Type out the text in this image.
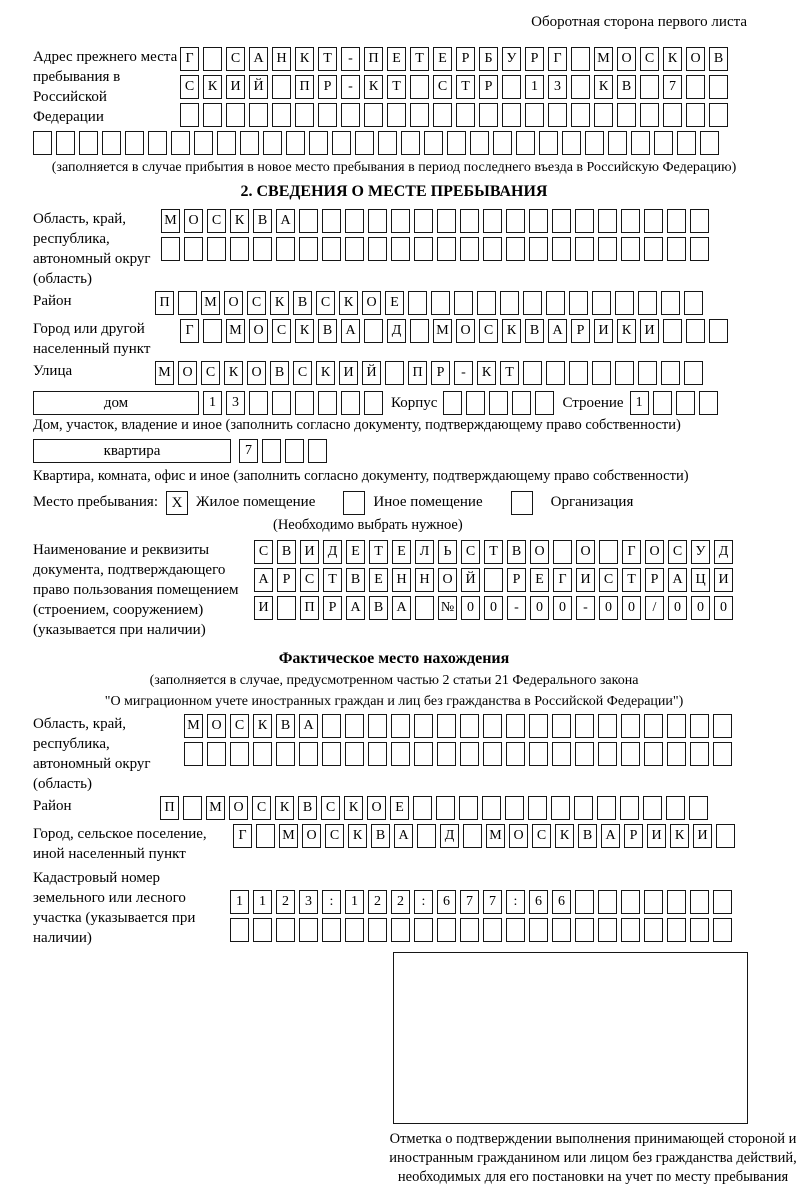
Оборотная сторона первого листа
Адрес прежнего места пребывания в Российской Федерации
Г	С А Н К	Т	-	П Е	Т	Е	Р	Б	У	Р	Г	М О С К О В
С К И Й	П	Р	-	К	Т	С	Т	Р	1	3	К В	7
(заполняется в случае прибытия в новое место пребывания в период последнего въезда в Российскую Федерацию)
2. СВЕДЕНИЯ О МЕСТЕ ПРЕБЫВАНИЯ
Область, край, республика, автономный округ (область)
М О С К В А
Район	П	М О С К В С К О Е
Город или другой населенный пункт
Г	М О С К В А	Д	М О С К В А	Р	И К И
Улица	М О С К О В С К И Й	П	Р	-	К	Т
дом	1	3	Корпус	Строение 1
Дом, участок, владение и иное (заполнить согласно документу, подтверждающему право собственности)
квартира	7
Квартира, комната, офис и иное (заполнить согласно документу, подтверждающему право собственности)
Место пребывания: X Жилое помещение	Иное помещение	Организация
(Необходимо выбрать нужное)
Наименование и реквизиты документа, подтверждающего право пользования помещением (строением, сооружением) (указывается при наличии)
С В И Д Е	Т	Е Л	Ь	С	Т	В О	О	Г О С У Д
А	Р	С	Т	В	Е Н Н О Й	Р	Е	Г И С	Т	Р	А Ц И
И	П	Р	А В А	№ 0	0	-	0	0	-	0	0	/	0	0	0
Фактическое место нахождения
(заполняется в случае, предусмотренном частью 2 статьи 21 Федерального закона
"О миграционном учете иностранных граждан и лиц без гражданства в Российской Федерации")
Область, край, республика, автономный округ (область)
М О С К В А
Район	П	М О С К В С К О Е
Город, сельское поселение, иной населенный пункт
Г	М О С К В А	Д	М О С К В А	Р	И К И
Кадастровый номер земельного или лесного участка (указывается при наличии)
1	1	2	3	:	1	2	2	:	6	7	7	:	6	6
Отметка о подтверждении выполнения принимающей стороной и иностранным гражданином или лицом без гражданства действий, необходимых для его постановки на учет по месту пребывания
